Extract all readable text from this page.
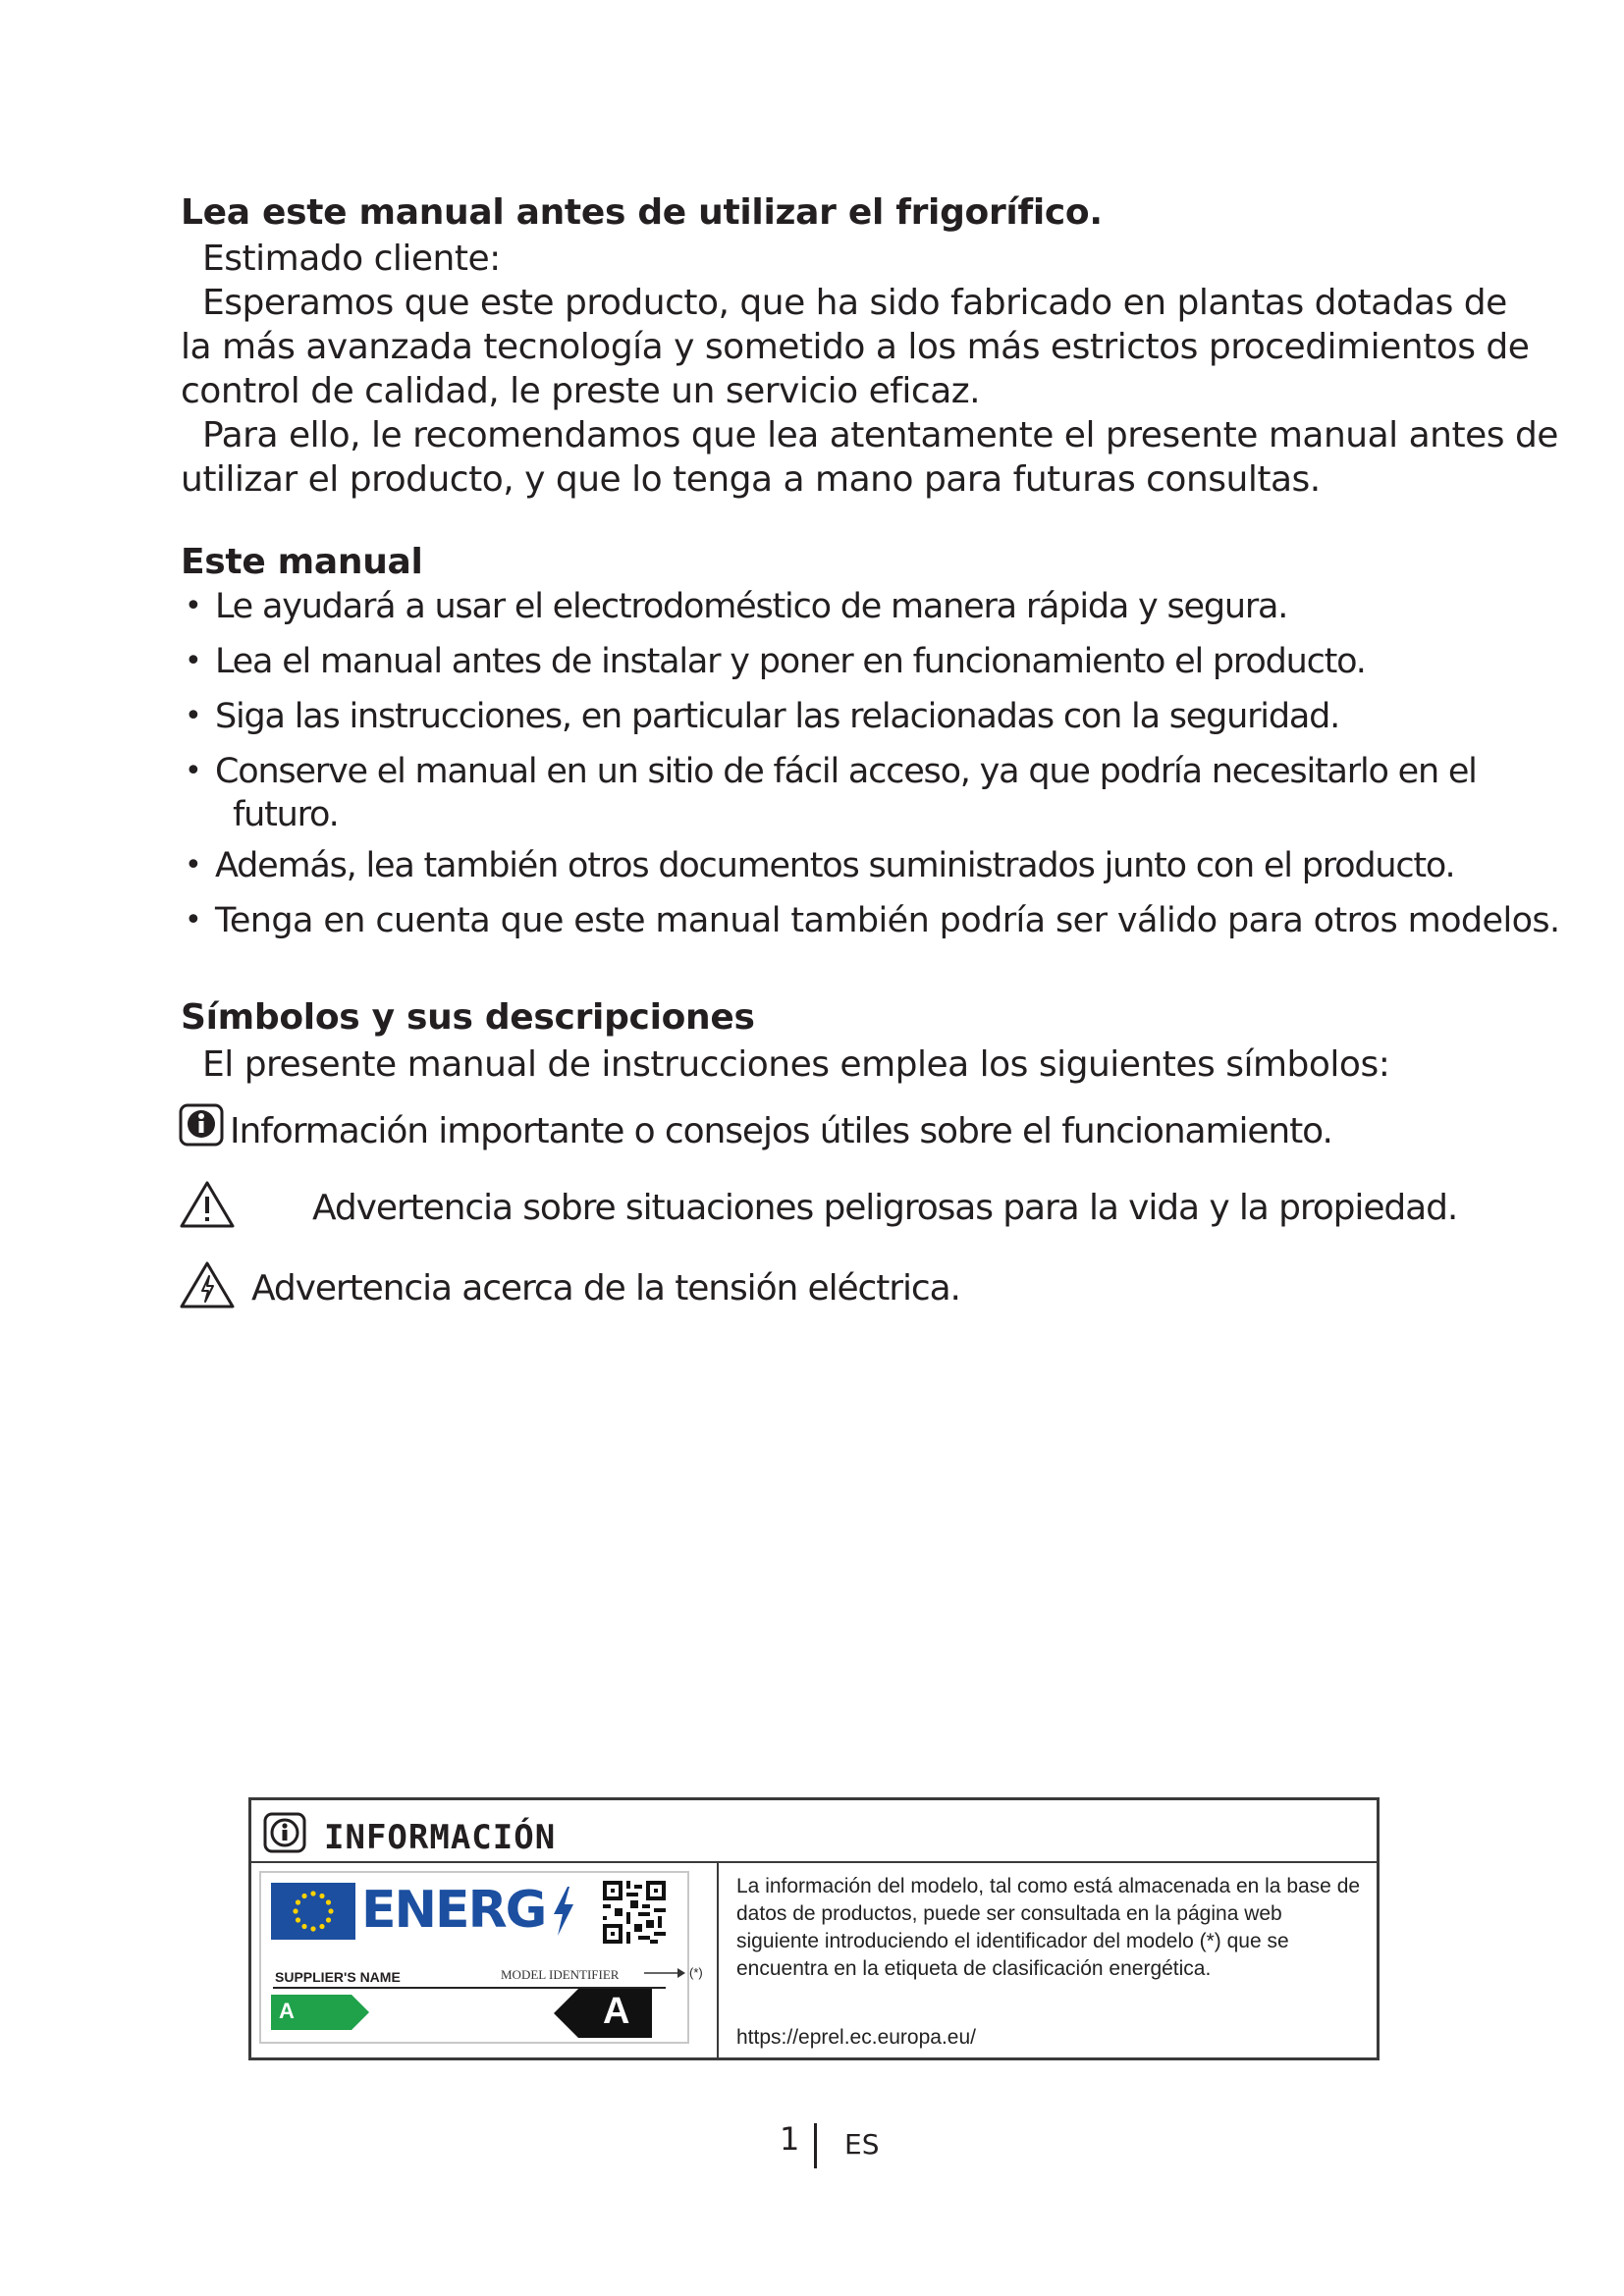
Lea este manual antes de utilizar el frigorífico.
Estimado cliente:
Esperamos que este producto, que ha sido fabricado en plantas dotadas de
la más avanzada tecnología y sometido a los más estrictos procedimientos de
control de calidad, le preste un servicio eficaz.
Para ello, le recomendamos que lea atentamente el presente manual antes de
utilizar el producto, y que lo tenga a mano para futuras consultas.
Este manual
• Le ayudará a usar el electrodoméstico de manera rápida y segura.
• Lea el manual antes de instalar y poner en funcionamiento el producto.
• Siga las instrucciones, en particular las relacionadas con la seguridad.
• Conserve el manual en un sitio de fácil acceso, ya que podría necesitarlo en el
futuro.
• Además, lea también otros documentos suministrados junto con el producto.
• Tenga en cuenta que este manual también podría ser válido para otros modelos.
Símbolos y sus descripciones
El presente manual de instrucciones emplea los siguientes símbolos:
Información importante o consejos útiles sobre el funcionamiento.
Advertencia sobre situaciones peligrosas para la vida y la propiedad.
Advertencia acerca de la tensión eléctrica.
INFORMACIÓN
ENERG
SUPPLIER'S NAME	MODEL IDENTIFIER	(*)
A	A
La información del modelo, tal como está almacenada en la base de datos de productos, puede ser consultada en la página web siguiente introduciendo el identificador del modelo (*) que se encuentra en la etiqueta de clasificación energética.
https://eprel.ec.europa.eu/
1 ES
